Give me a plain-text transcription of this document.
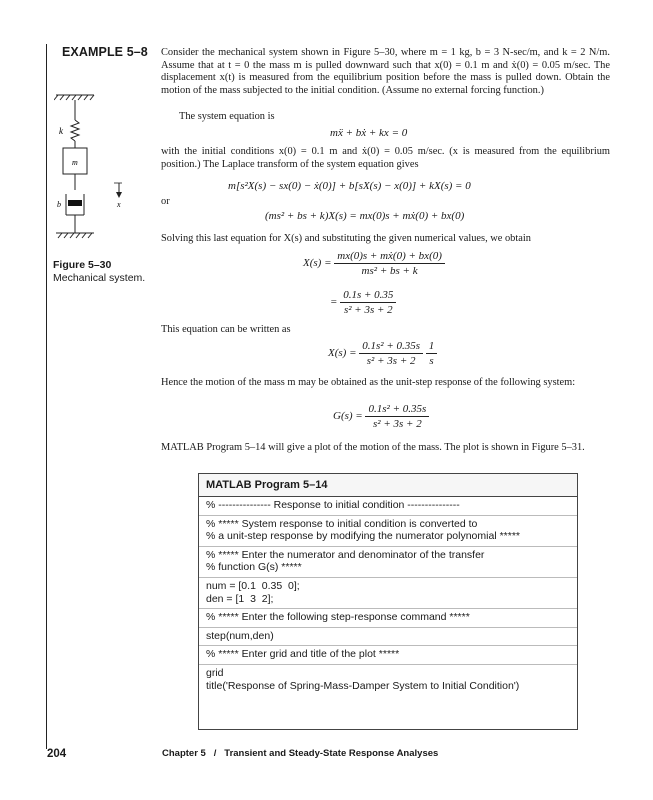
EXAMPLE 5–8
k
m
b	x
Figure 5–30
Mechanical system.
Consider the mechanical system shown in Figure 5–30, where m = 1 kg, b = 3 N-sec/m, and k = 2 N/m. Assume that at t = 0 the mass m is pulled downward such that x(0) = 0.1 m and ẋ(0) = 0.05 m/sec. The displacement x(t) is measured from the equilibrium position before the mass is pulled down. Obtain the motion of the mass subjected to the initial condition. (Assume no external forcing function.)
The system equation is
mẍ + bẋ + kx = 0
with the initial conditions x(0) = 0.1 m and ẋ(0) = 0.05 m/sec. (x is measured from the equilibrium position.) The Laplace transform of the system equation gives
m[s²X(s) − sx(0) − ẋ(0)] + b[sX(s) − x(0)] + kX(s) = 0
or
(ms² + bs + k)X(s) = mx(0)s + mẋ(0) + bx(0)
Solving this last equation for X(s) and substituting the given numerical values, we obtain
$X(s) = \frac{\text{mx(0)s + mẋ(0) + bx(0)}}{\text{ms² + bs + k}}$
= $\frac{0.1s + 0.35}{\text{s² + 3s + 2}}$
This equation can be written as
$X(s) = \frac{\text{0.1s² + 0.35s}}{\text{s² + 3s + 2}}$
$\frac{1}{s}$
Hence the motion of the mass m may be obtained as the unit-step response of the following system:
$G(s) = \frac{\text{0.1s² + 0.35s}}{\text{s² + 3s + 2}}$
MATLAB Program 5–14 will give a plot of the motion of the mass. The plot is shown in Figure 5–31.
MATLAB Program 5–14
% --------------- Response to initial condition ---------------
% ***** System response to initial condition is converted to
% a unit-step response by modifying the numerator polynomial *****
% ***** Enter the numerator and denominator of the transfer
% function G(s) *****
num = [0.1  0.35  0];
den = [1  3  2];
% ***** Enter the following step-response command *****
step(num,den)
% ***** Enter grid and title of the plot *****
grid
title('Response of Spring-Mass-Damper System to Initial Condition')
204	Chapter 5   /   Transient and Steady-State Response Analyses
